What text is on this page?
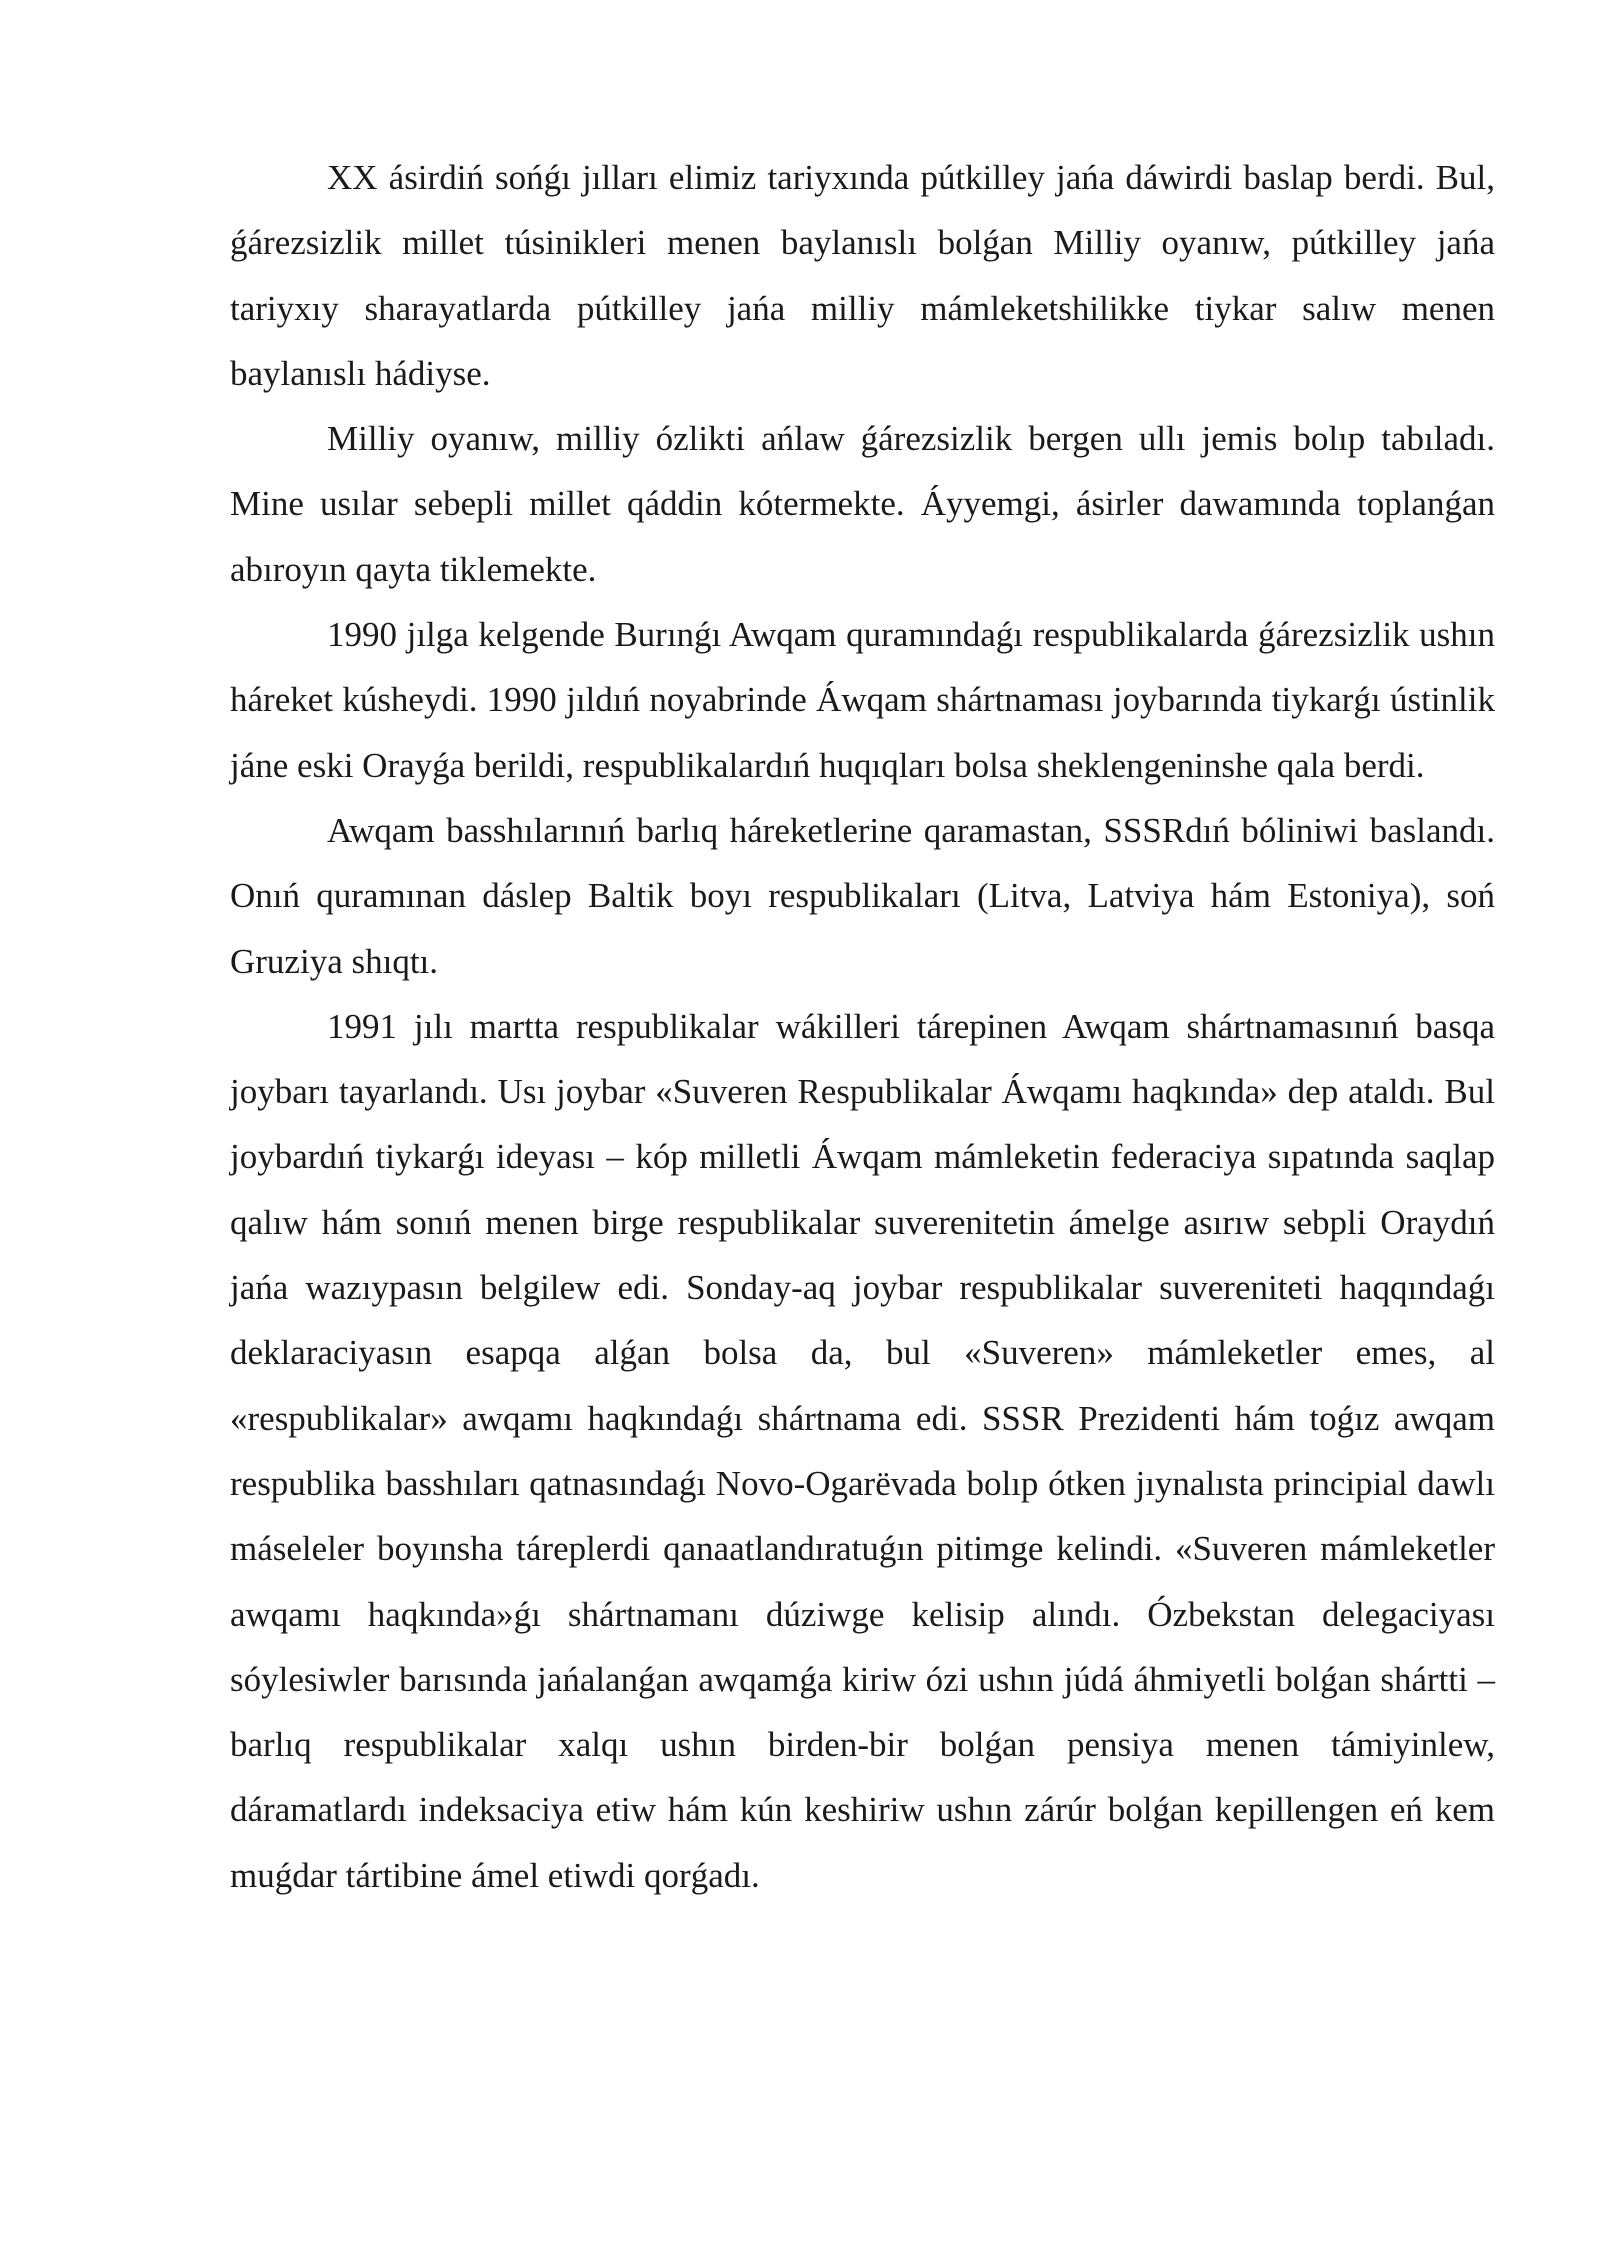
XX ásirdiń sońǵı jılları elimiz tariyxında pútkilley jańa dáwirdi baslap berdi. Bul, ǵárezsizlik millet túsinikleri menen baylanıslı bolǵan Milliy oyanıw, pútkilley jańa tariyxıy sharayatlarda pútkilley jańa milliy mámleketshilikke tiykar salıw menen baylanıslı hádiyse.

Milliy oyanıw, milliy ózlikti ańlaw ǵárezsizlik bergen ullı jemis bolıp tabıladı. Mine usılar sebepli millet qáddin kótermekte. Áyyemgi, ásirler dawamında toplanǵan abıroyın qayta tiklemekte.

1990 jılga kelgende Burınǵı Awqam quramındaǵı respublikalarda ǵárezsizlik ushın háreket kúsheydi. 1990 jıldıń noyabrinde Áwqam shártnaması joybarında tiykarǵı ústinlik jáne eski Orayǵa berildi, respublikalardıń huqıqları bolsa sheklengeninshe qala berdi.

Awqam basshılarınıń barlıq háreketlerine qaramastan, SSSRdıń bóliniwi baslandı. Onıń quramınan dáslep Baltik boyı respublikaları (Litva, Latviya hám Estoniya), soń Gruziya shıqtı.

1991 jılı martta respublikalar wákilleri tárepinen Awqam shártnamasınıń basqa joybarı tayarlandı. Usı joybar «Suveren Respublikalar Áwqamı haqkında» dep ataldı. Bul joybardıń tiykarǵı ideyası – kóp milletli Áwqam mámleketin federaciya sıpatında saqlap qalıw hám sonıń menen birge respublikalar suverenitetin ámelge asırıw sebpli Oraydıń jańa wazıypasın belgilew edi. Sonday-aq joybar respublikalar suvereniteti haqqındaǵı deklaraciyasın esapqa alǵan bolsa da, bul «Suveren» mámleketler emes, al «respublikalar» awqamı haqkındaǵı shártnama edi. SSSR Prezidenti hám toǵız awqam respublika basshıları qatnasındaǵı Novo-Ogarëvada bolıp ótken jıynalısta principial dawlı máseleler boyınsha táreplerdi qanaatlandıratuǵın pitimge kelindi. «Suveren mámleketler awqamı haqkında»ǵı shártnamanı dúziwge kelisip alındı. Ózbekstan delegaciyası sóylesiwler barısında jańalanǵan awqamǵa kiriw ózi ushın júdá áhmiyetli bolǵan shártti – barlıq respublikalar xalqı ushın birden-bir bolǵan pensiya menen támiyinlew, dáramatlardı indeksaciya etiw hám kún keshiriw ushın zárúr bolǵan kepillengen eń kem muǵdar tártibine ámel etiwdi qorǵadı.
